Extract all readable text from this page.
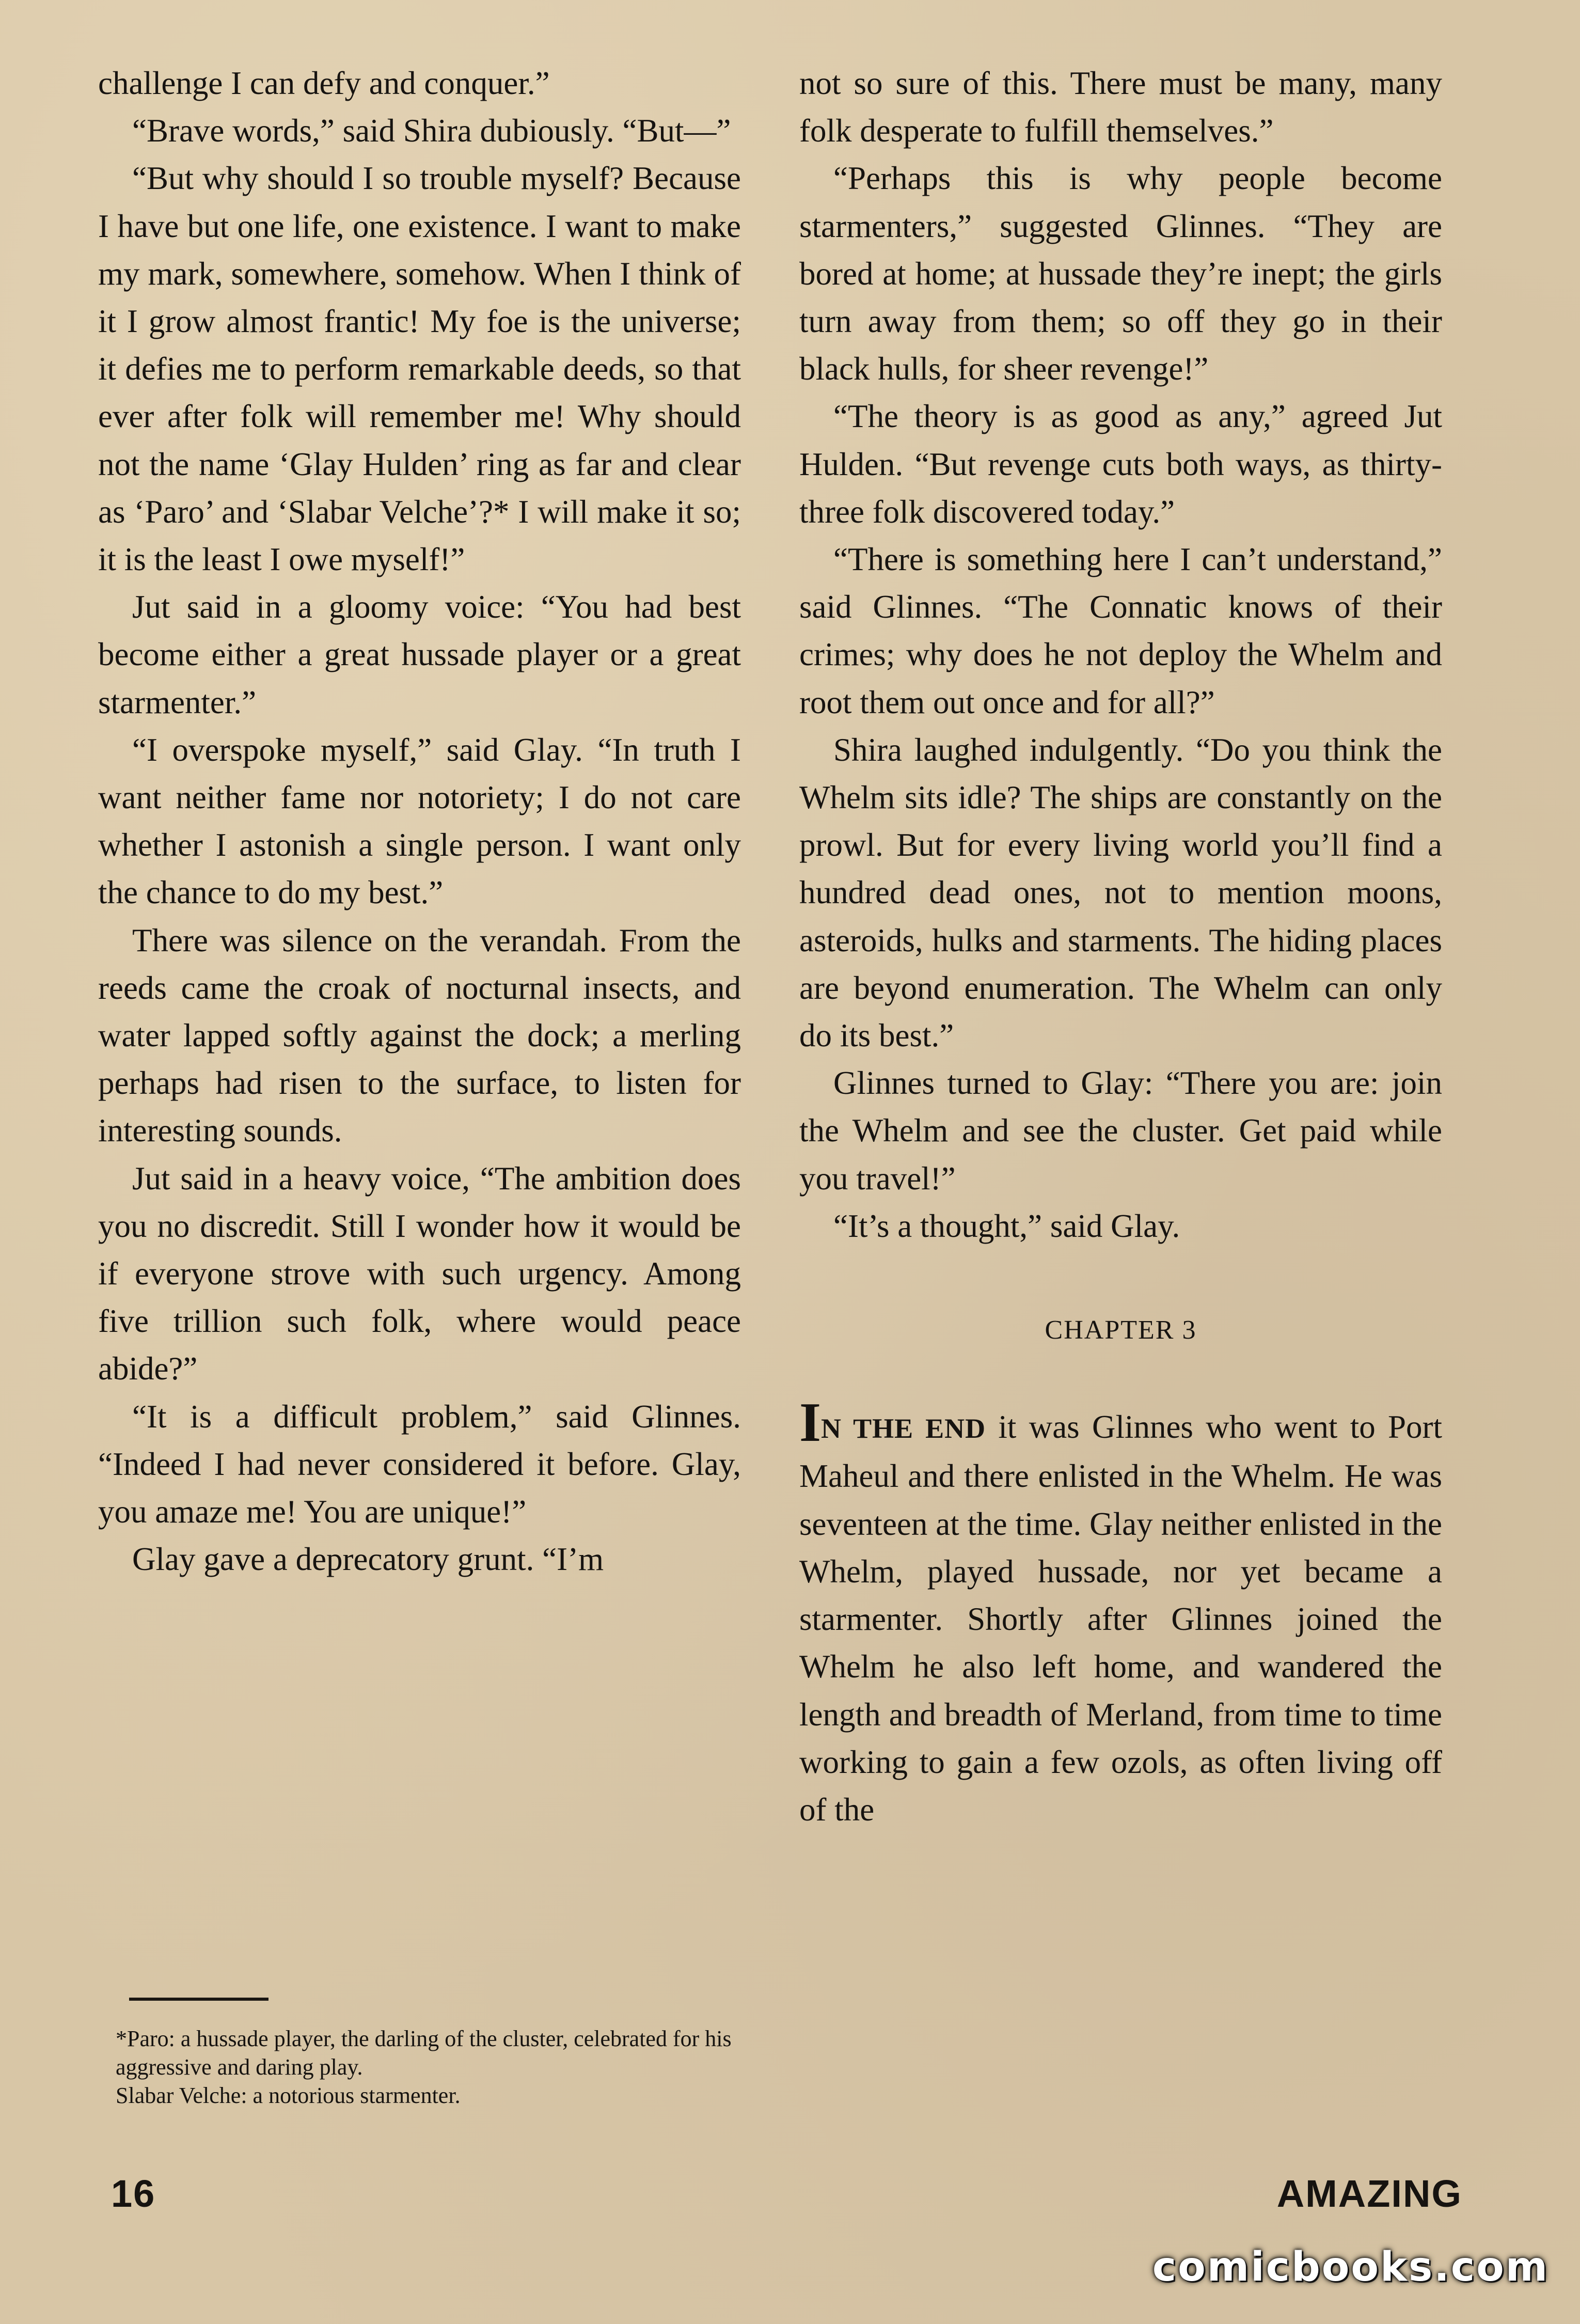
challenge I can defy and conquer.”

“Brave words,” said Shira dubiously. “But—”

“But why should I so trouble myself? Because I have but one life, one existence. I want to make my mark, somewhere, somehow. When I think of it I grow almost frantic! My foe is the universe; it defies me to perform remarkable deeds, so that ever after folk will remember me! Why should not the name ‘Glay Hulden’ ring as far and clear as ‘Paro’ and ‘Slabar Velche’?* I will make it so; it is the least I owe myself!”

Jut said in a gloomy voice: “You had best become either a great hussade player or a great starmenter.”

“I overspoke myself,” said Glay. “In truth I want neither fame nor notoriety; I do not care whether I astonish a single person. I want only the chance to do my best.”

There was silence on the verandah. From the reeds came the croak of nocturnal insects, and water lapped softly against the dock; a merling perhaps had risen to the surface, to listen for interesting sounds.

Jut said in a heavy voice, “The ambition does you no discredit. Still I wonder how it would be if everyone strove with such urgency. Among five trillion such folk, where would peace abide?”

“It is a difficult problem,” said Glinnes. “Indeed I had never considered it before. Glay, you amaze me! You are unique!”

Glay gave a deprecatory grunt. “I’m

*Paro: a hussade player, the darling of the cluster, celebrated for his aggressive and daring play.
Slabar Velche: a notorious starmenter.

not so sure of this. There must be many, many folk desperate to fulfill themselves.”

“Perhaps this is why people become starmenters,” suggested Glinnes. “They are bored at home; at hussade they’re inept; the girls turn away from them; so off they go in their black hulls, for sheer revenge!”

“The theory is as good as any,” agreed Jut Hulden. “But revenge cuts both ways, as thirty-three folk discovered today.”

“There is something here I can’t understand,” said Glinnes. “The Connatic knows of their crimes; why does he not deploy the Whelm and root them out once and for all?”

Shira laughed indulgently. “Do you think the Whelm sits idle? The ships are constantly on the prowl. But for every living world you’ll find a hundred dead ones, not to mention moons, asteroids, hulks and starments. The hiding places are beyond enumeration. The Whelm can only do its best.”

Glinnes turned to Glay: “There you are: join the Whelm and see the cluster. Get paid while you travel!”

“It’s a thought,” said Glay.

CHAPTER 3

IN THE END it was Glinnes who went to Port Maheul and there enlisted in the Whelm. He was seventeen at the time. Glay neither enlisted in the Whelm, played hussade, nor yet became a starmenter. Shortly after Glinnes joined the Whelm he also left home, and wandered the length and breadth of Merland, from time to time working to gain a few ozols, as often living off of the

16	AMAZING
comicbooks.com
